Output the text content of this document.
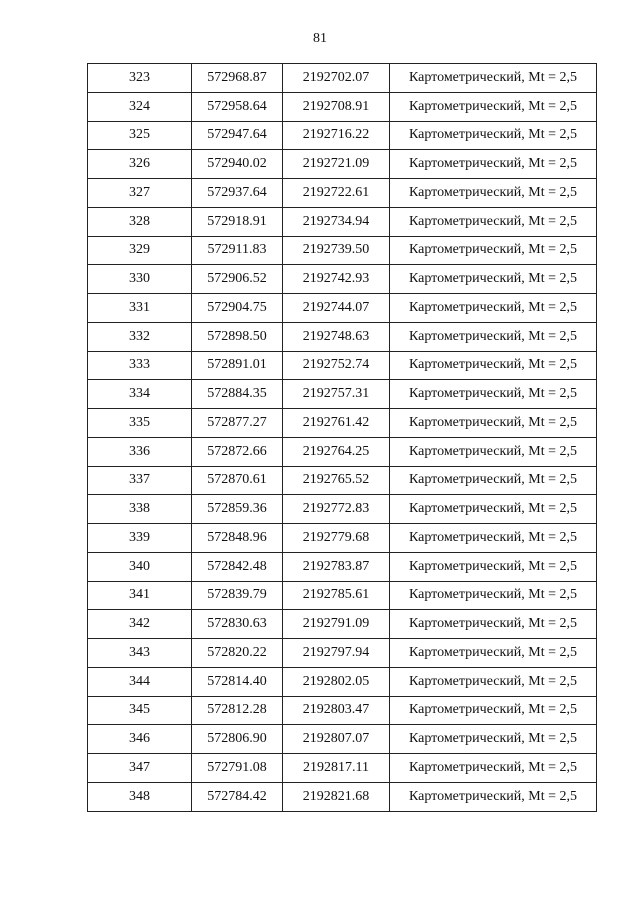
81
323	572968.87	2192702.07	Картометрический, Mt = 2,5
324	572958.64	2192708.91	Картометрический, Mt = 2,5
325	572947.64	2192716.22	Картометрический, Mt = 2,5
326	572940.02	2192721.09	Картометрический, Mt = 2,5
327	572937.64	2192722.61	Картометрический, Mt = 2,5
328	572918.91	2192734.94	Картометрический, Mt = 2,5
329	572911.83	2192739.50	Картометрический, Mt = 2,5
330	572906.52	2192742.93	Картометрический, Mt = 2,5
331	572904.75	2192744.07	Картометрический, Mt = 2,5
332	572898.50	2192748.63	Картометрический, Mt = 2,5
333	572891.01	2192752.74	Картометрический, Mt = 2,5
334	572884.35	2192757.31	Картометрический, Mt = 2,5
335	572877.27	2192761.42	Картометрический, Mt = 2,5
336	572872.66	2192764.25	Картометрический, Mt = 2,5
337	572870.61	2192765.52	Картометрический, Mt = 2,5
338	572859.36	2192772.83	Картометрический, Mt = 2,5
339	572848.96	2192779.68	Картометрический, Mt = 2,5
340	572842.48	2192783.87	Картометрический, Mt = 2,5
341	572839.79	2192785.61	Картометрический, Mt = 2,5
342	572830.63	2192791.09	Картометрический, Mt = 2,5
343	572820.22	2192797.94	Картометрический, Mt = 2,5
344	572814.40	2192802.05	Картометрический, Mt = 2,5
345	572812.28	2192803.47	Картометрический, Mt = 2,5
346	572806.90	2192807.07	Картометрический, Mt = 2,5
347	572791.08	2192817.11	Картометрический, Mt = 2,5
348	572784.42	2192821.68	Картометрический, Mt = 2,5
